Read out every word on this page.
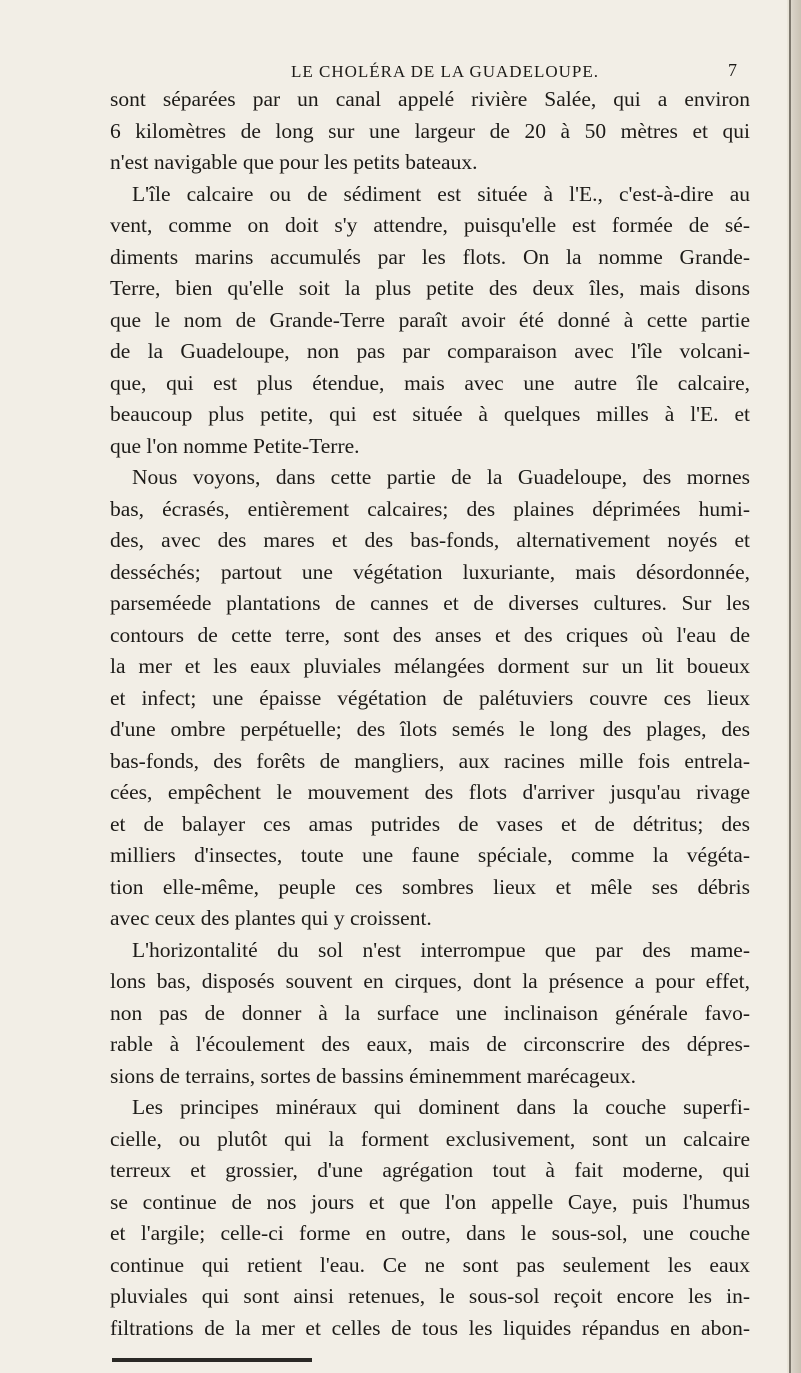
LE CHOLÉRA DE LA GUADELOUPE.	7
sont séparées par un canal appelé rivière Salée, qui a environ
6 kilomètres de long sur une largeur de 20 à 50 mètres et qui
n'est navigable que pour les petits bateaux.
L'île calcaire ou de sédiment est située à l'E., c'est-à-dire au
vent, comme on doit s'y attendre, puisqu'elle est formée de sé-
diments marins accumulés par les flots. On la nomme Grande-
Terre, bien qu'elle soit la plus petite des deux îles, mais disons
que le nom de Grande-Terre paraît avoir été donné à cette partie
de la Guadeloupe, non pas par comparaison avec l'île volcani-
que, qui est plus étendue, mais avec une autre île calcaire,
beaucoup plus petite, qui est située à quelques milles à l'E. et
que l'on nomme Petite-Terre.
Nous voyons, dans cette partie de la Guadeloupe, des mornes
bas, écrasés, entièrement calcaires; des plaines déprimées humi-
des, avec des mares et des bas-fonds, alternativement noyés et
desséchés; partout une végétation luxuriante, mais désordonnée,
parseméede plantations de cannes et de diverses cultures. Sur les
contours de cette terre, sont des anses et des criques où l'eau de
la mer et les eaux pluviales mélangées dorment sur un lit boueux
et infect; une épaisse végétation de palétuviers couvre ces lieux
d'une ombre perpétuelle; des îlots semés le long des plages, des
bas-fonds, des forêts de mangliers, aux racines mille fois entrela-
cées, empêchent le mouvement des flots d'arriver jusqu'au rivage
et de balayer ces amas putrides de vases et de détritus; des
milliers d'insectes, toute une faune spéciale, comme la végéta-
tion elle-même, peuple ces sombres lieux et mêle ses débris
avec ceux des plantes qui y croissent.
L'horizontalité du sol n'est interrompue que par des mame-
lons bas, disposés souvent en cirques, dont la présence a pour effet,
non pas de donner à la surface une inclinaison générale favo-
rable à l'écoulement des eaux, mais de circonscrire des dépres-
sions de terrains, sortes de bassins éminemment marécageux.
Les principes minéraux qui dominent dans la couche superfi-
cielle, ou plutôt qui la forment exclusivement, sont un calcaire
terreux et grossier, d'une agrégation tout à fait moderne, qui
se continue de nos jours et que l'on appelle Caye, puis l'humus
et l'argile; celle-ci forme en outre, dans le sous-sol, une couche
continue qui retient l'eau. Ce ne sont pas seulement les eaux
pluviales qui sont ainsi retenues, le sous-sol reçoit encore les in-
filtrations de la mer et celles de tous les liquides répandus en abon-
